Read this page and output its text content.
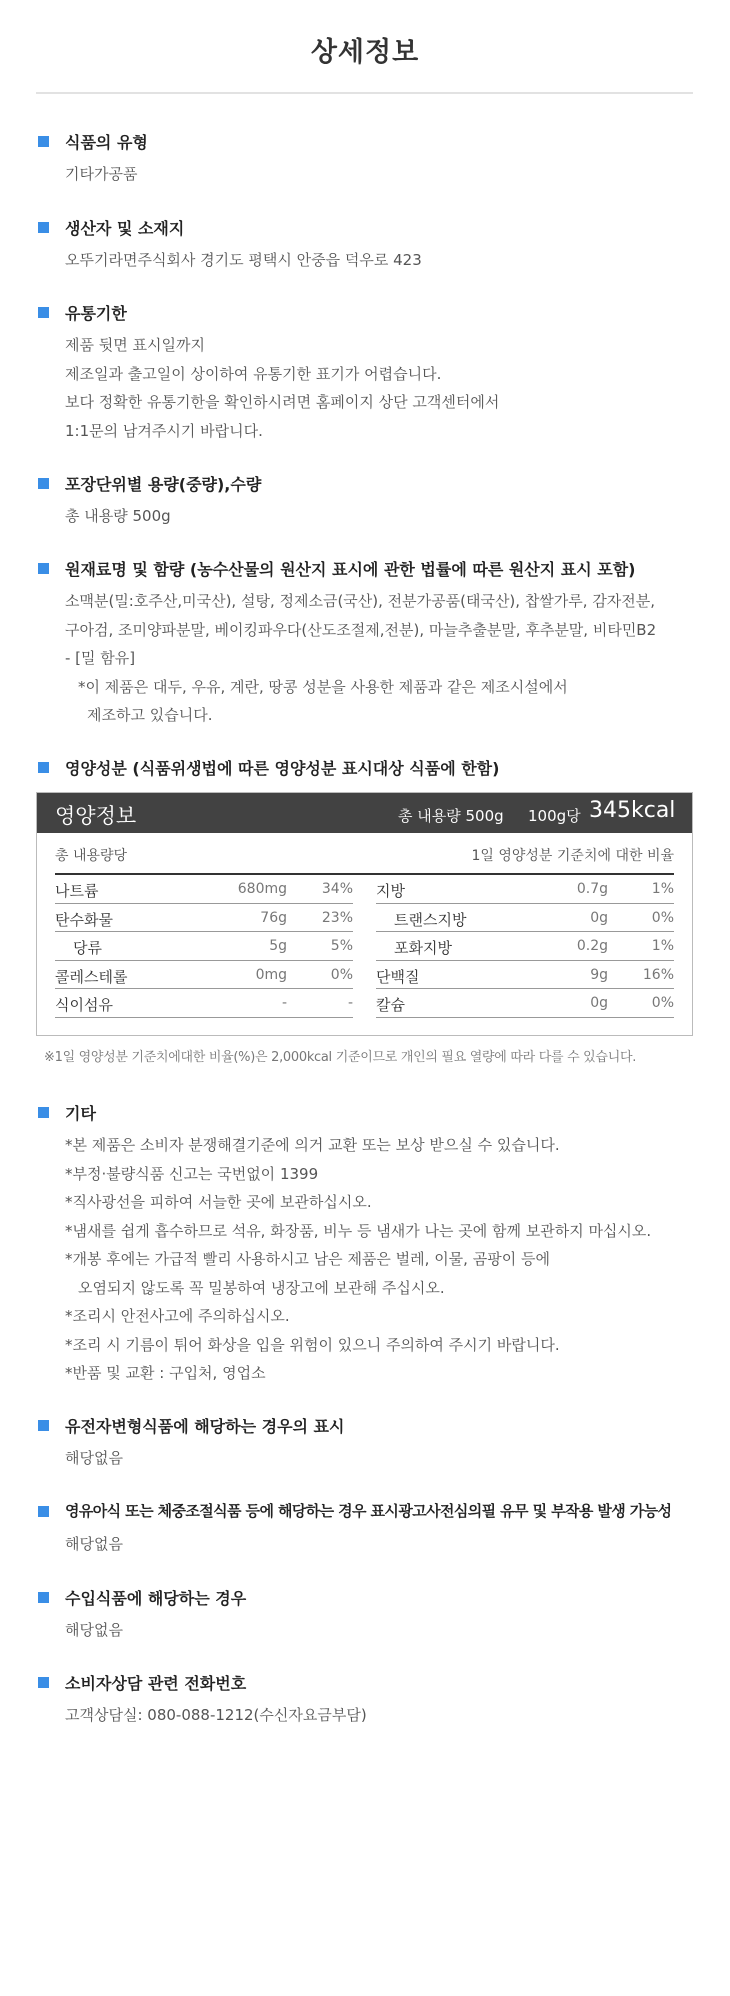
상세정보
식품의 유형
기타가공품
생산자 및 소재지
오뚜기라면주식회사 경기도 평택시 안중읍 덕우로 423
유통기한
제품 뒷면 표시일까지
제조일과 출고일이 상이하여 유통기한 표기가 어렵습니다.
보다 정확한 유통기한을 확인하시려면 홈페이지 상단 고객센터에서
1:1문의 남겨주시기 바랍니다.
포장단위별 용량(중량),수량
총 내용량 500g
원재료명 및 함량 (농수산물의 원산지 표시에 관한 법률에 따른 원산지 표시 포함)
소맥분(밀:호주산,미국산), 설탕, 정제소금(국산), 전분가공품(태국산), 찹쌀가루, 감자전분,
구아검, 조미양파분말, 베이킹파우다(산도조절제,전분), 마늘추출분말, 후추분말, 비타민B2
- [밀 함유]
*이 제품은 대두, 우유, 계란, 땅콩 성분을 사용한 제품과 같은 제조시설에서
제조하고 있습니다.
영양성분 (식품위생법에 따른 영양성분 표시대상 식품에 한함)
영양정보	총 내용량 500g 100g당 345kcal
총 내용량당	1일 영양성분 기준치에 대한 비율
나트륨	680mg 34%
탄수화물	76g 23%
당류	5g	5%
콜레스테롤	0mg	0%
식이섬유	-	-
지방	0.7g	1%
트랜스지방	0g	0%
포화지방	0.2g	1%
단백질	9g 16%
칼슘	0g	0%
※1일 영양성분 기준치에대한 비율(%)은 2,000kcal 기준이므로 개인의 필요 열량에 따라 다를 수 있습니다.
기타
*본 제품은 소비자 분쟁해결기준에 의거 교환 또는 보상 받으실 수 있습니다.
*부정·불량식품 신고는 국번없이 1399
*직사광선을 피하여 서늘한 곳에 보관하십시오.
*냄새를 쉽게 흡수하므로 석유, 화장품, 비누 등 냄새가 나는 곳에 함께 보관하지 마십시오.
*개봉 후에는 가급적 빨리 사용하시고 남은 제품은 벌레, 이물, 곰팡이 등에
오염되지 않도록 꼭 밀봉하여 냉장고에 보관해 주십시오.
*조리시 안전사고에 주의하십시오.
*조리 시 기름이 튀어 화상을 입을 위험이 있으니 주의하여 주시기 바랍니다.
*반품 및 교환 : 구입처, 영업소
유전자변형식품에 해당하는 경우의 표시
해당없음
영유아식 또는 체중조절식품 등에 해당하는 경우 표시광고사전심의필 유무 및 부작용 발생 가능성
해당없음
수입식품에 해당하는 경우
해당없음
소비자상담 관련 전화번호
고객상담실: 080-088-1212(수신자요금부담)
